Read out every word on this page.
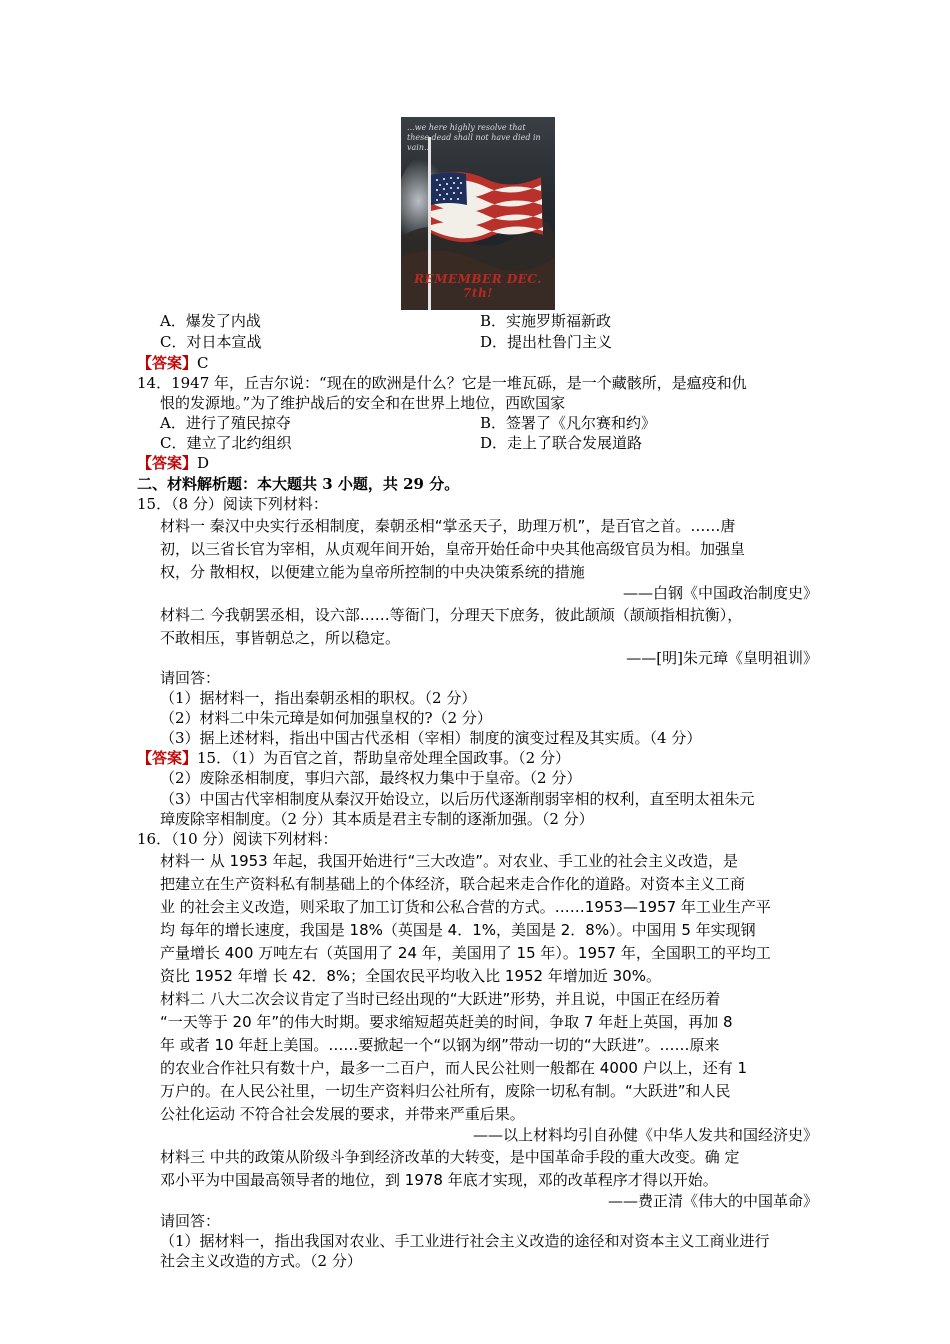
...we here highly resolve that these dead shall not have died in vain...
REMEMBER DEC. 7th!
A．爆发了内战	B．实施罗斯福新政
C．对日本宣战	D．提出杜鲁门主义
【答案】C
14．1947 年，丘吉尔说：“现在的欧洲是什么？它是一堆瓦砾，是一个藏骸所，是瘟疫和仇
恨的发源地。”为了维护战后的安全和在世界上地位，西欧国家
A．进行了殖民掠夺	B．签署了《凡尔赛和约》
C．建立了北约组织	D．走上了联合发展道路
【答案】D
二、材料解析题：本大题共 3 小题，共 29 分。
15．（8 分）阅读下列材料：
材料一 秦汉中央实行丞相制度，秦朝丞相“掌丞天子，助理万机”，是百官之首。……唐
初，以三省长官为宰相，从贞观年间开始，皇帝开始任命中央其他高级官员为相。加强皇
权，分 散相权，以便建立能为皇帝所控制的中央决策系统的措施
——白钢《中国政治制度史》
材料二 今我朝罢丞相，设六部……等衙门，分理天下庶务，彼此颉颃（颉颃指相抗衡），
不敢相压，事皆朝总之，所以稳定。
——[明]朱元璋《皇明祖训》
请回答：
（1）据材料一，指出秦朝丞相的职权。（2 分）
（2）材料二中朱元璋是如何加强皇权的?（2 分）
（3）据上述材料，指出中国古代丞相（宰相）制度的演变过程及其实质。（4 分）
【答案】15．（1）为百官之首，帮助皇帝处理全国政事。（2 分）
（2）废除丞相制度，事归六部，最终权力集中于皇帝。（2 分）
（3）中国古代宰相制度从秦汉开始设立，以后历代逐渐削弱宰相的权利，直至明太祖朱元
璋废除宰相制度。（2 分）其本质是君主专制的逐渐加强。（2 分）
16．（10 分）阅读下列材料：
材料一 从 1953 年起，我国开始进行“三大改造”。对农业、手工业的社会主义改造，是
把建立在生产资料私有制基础上的个体经济，联合起来走合作化的道路。对资本主义工商
业 的社会主义改造，则采取了加工订货和公私合营的方式。……1953—1957 年工业生产平
均 每年的增长速度，我国是 18%（英国是 4．1%，美国是 2．8%）。中国用 5 年实现钢
产量增长 400 万吨左右（英国用了 24 年，美国用了 15 年）。1957 年，全国职工的平均工
资比 1952 年增 长 42．8%；全国农民平均收入比 1952 年增加近 30%。
材料二 八大二次会议肯定了当时已经出现的“大跃进”形势，并且说，中国正在经历着
“一天等于 20 年”的伟大时期。要求缩短超英赶美的时间，争取 7 年赶上英国，再加 8
年 或者 10 年赶上美国。……要掀起一个“以钢为纲”带动一切的“大跃进”。……原来
的农业合作社只有数十户，最多一二百户，而人民公社则一般都在 4000 户以上，还有 1
万户的。在人民公社里，一切生产资料归公社所有，废除一切私有制。“大跃进”和人民
公社化运动 不符合社会发展的要求，并带来严重后果。
——以上材料均引自孙健《中华人发共和国经济史》
材料三 中共的政策从阶级斗争到经济改革的大转变，是中国革命手段的重大改变。确 定
邓小平为中国最高领导者的地位，到 1978 年底才实现，邓的改革程序才得以开始。
——费正清《伟大的中国革命》
请回答：
（1）据材料一，指出我国对农业、手工业进行社会主义改造的途径和对资本主义工商业进行
社会主义改造的方式。（2 分）
